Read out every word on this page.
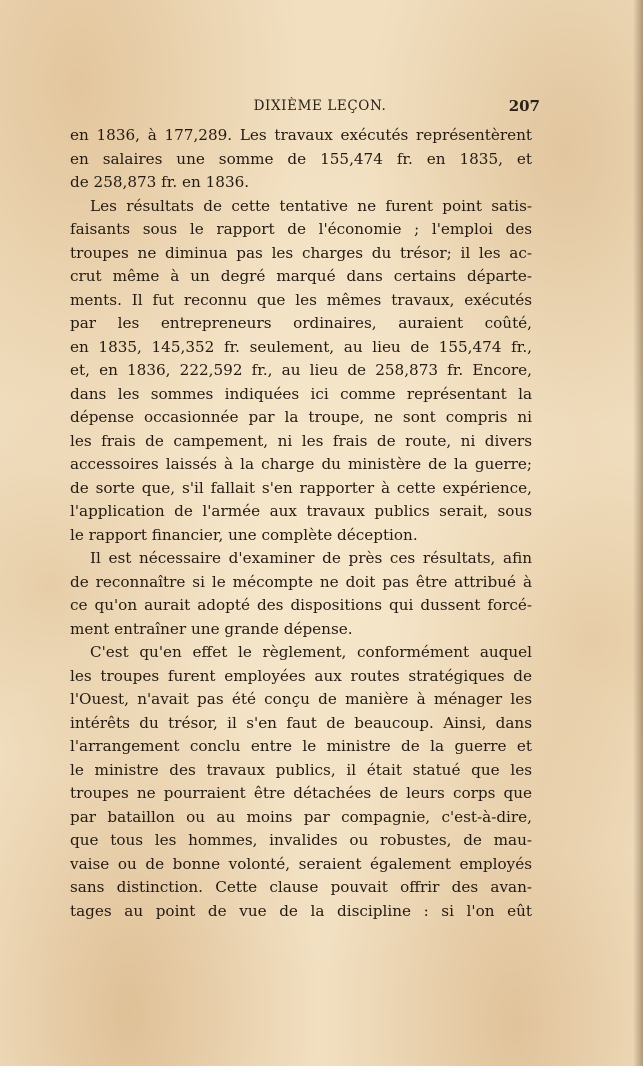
DIXIÈME LEÇON.	207
en 1836, à 177,289. Les travaux exécutés représentèrent
en salaires une somme de 155,474 fr. en 1835, et
de 258,873 fr. en 1836.
Les résultats de cette tentative ne furent point satis-
faisants sous le rapport de l'économie ; l'emploi des
troupes ne diminua pas les charges du trésor; il les ac-
crut même à un degré marqué dans certains départe-
ments. Il fut reconnu que les mêmes travaux, exécutés
par les entrepreneurs ordinaires, auraient coûté,
en 1835, 145,352 fr. seulement, au lieu de 155,474 fr.,
et, en 1836, 222,592 fr., au lieu de 258,873 fr. Encore,
dans les sommes indiquées ici comme représentant la
dépense occasionnée par la troupe, ne sont compris ni
les frais de campement, ni les frais de route, ni divers
accessoires laissés à la charge du ministère de la guerre;
de sorte que, s'il fallait s'en rapporter à cette expérience,
l'application de l'armée aux travaux publics serait, sous
le rapport financier, une complète déception.
Il est nécessaire d'examiner de près ces résultats, afin
de reconnaître si le mécompte ne doit pas être attribué à
ce qu'on aurait adopté des dispositions qui dussent forcé-
ment entraîner une grande dépense.
C'est qu'en effet le règlement, conformément auquel
les troupes furent employées aux routes stratégiques de
l'Ouest, n'avait pas été conçu de manière à ménager les
intérêts du trésor, il s'en faut de beaucoup. Ainsi, dans
l'arrangement conclu entre le ministre de la guerre et
le ministre des travaux publics, il était statué que les
troupes ne pourraient être détachées de leurs corps que
par bataillon ou au moins par compagnie, c'est-à-dire,
que tous les hommes, invalides ou robustes, de mau-
vaise ou de bonne volonté, seraient également employés
sans distinction. Cette clause pouvait offrir des avan-
tages au point de vue de la discipline : si l'on eût
